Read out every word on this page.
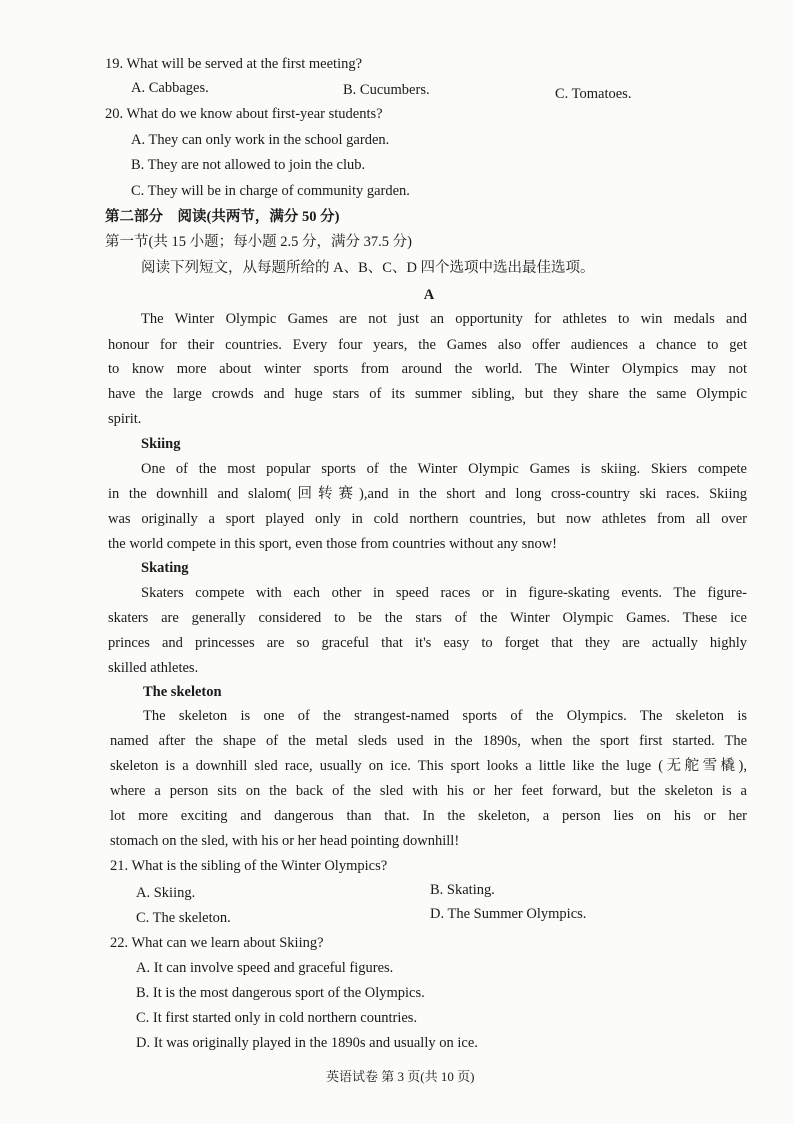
19. What will be served at the first meeting?
A. Cabbages.	B. Cucumbers.	C. Tomatoes.
20. What do we know about first-year students?
A. They can only work in the school garden.
B. They are not allowed to join the club.
C. They will be in charge of community garden.
第二部分　阅读(共两节，满分 50 分)
第一节(共 15 小题；每小题 2.5 分，满分 37.5 分)
阅读下列短文，从每题所给的 A、B、C、D 四个选项中选出最佳选项。
A
The Winter Olympic Games are not just an opportunity for athletes to win medals and
honour for their countries. Every four years, the Games also offer audiences a chance to get
to know more about winter sports from around the world. The Winter Olympics may not
have the large crowds and huge stars of its summer sibling, but they share the same Olympic
spirit.
Skiing
One of the most popular sports of the Winter Olympic Games is skiing. Skiers compete
in the downhill and slalom(回转赛),and in the short and long cross-country ski races. Skiing
was originally a sport played only in cold northern countries, but now athletes from all over
the world compete in this sport, even those from countries without any snow!
Skating
Skaters compete with each other in speed races or in figure-skating events. The figure-
skaters are generally considered to be the stars of the Winter Olympic Games. These ice
princes and princesses are so graceful that it's easy to forget that they are actually highly
skilled athletes.
The skeleton
The skeleton is one of the strangest-named sports of the Olympics. The skeleton is
named after the shape of the metal sleds used in the 1890s, when the sport first started. The
skeleton is a downhill sled race, usually on ice. This sport looks a little like the luge (无舵雪橇),
where a person sits on the back of the sled with his or her feet forward, but the skeleton is a
lot more exciting and dangerous than that. In the skeleton, a person lies on his or her
stomach on the sled, with his or her head pointing downhill!
21. What is the sibling of the Winter Olympics?
A. Skiing.	B. Skating.
C. The skeleton.	D. The Summer Olympics.
22. What can we learn about Skiing?
A. It can involve speed and graceful figures.
B. It is the most dangerous sport of the Olympics.
C. It first started only in cold northern countries.
D. It was originally played in the 1890s and usually on ice.
英语试卷 第 3 页(共 10 页)
